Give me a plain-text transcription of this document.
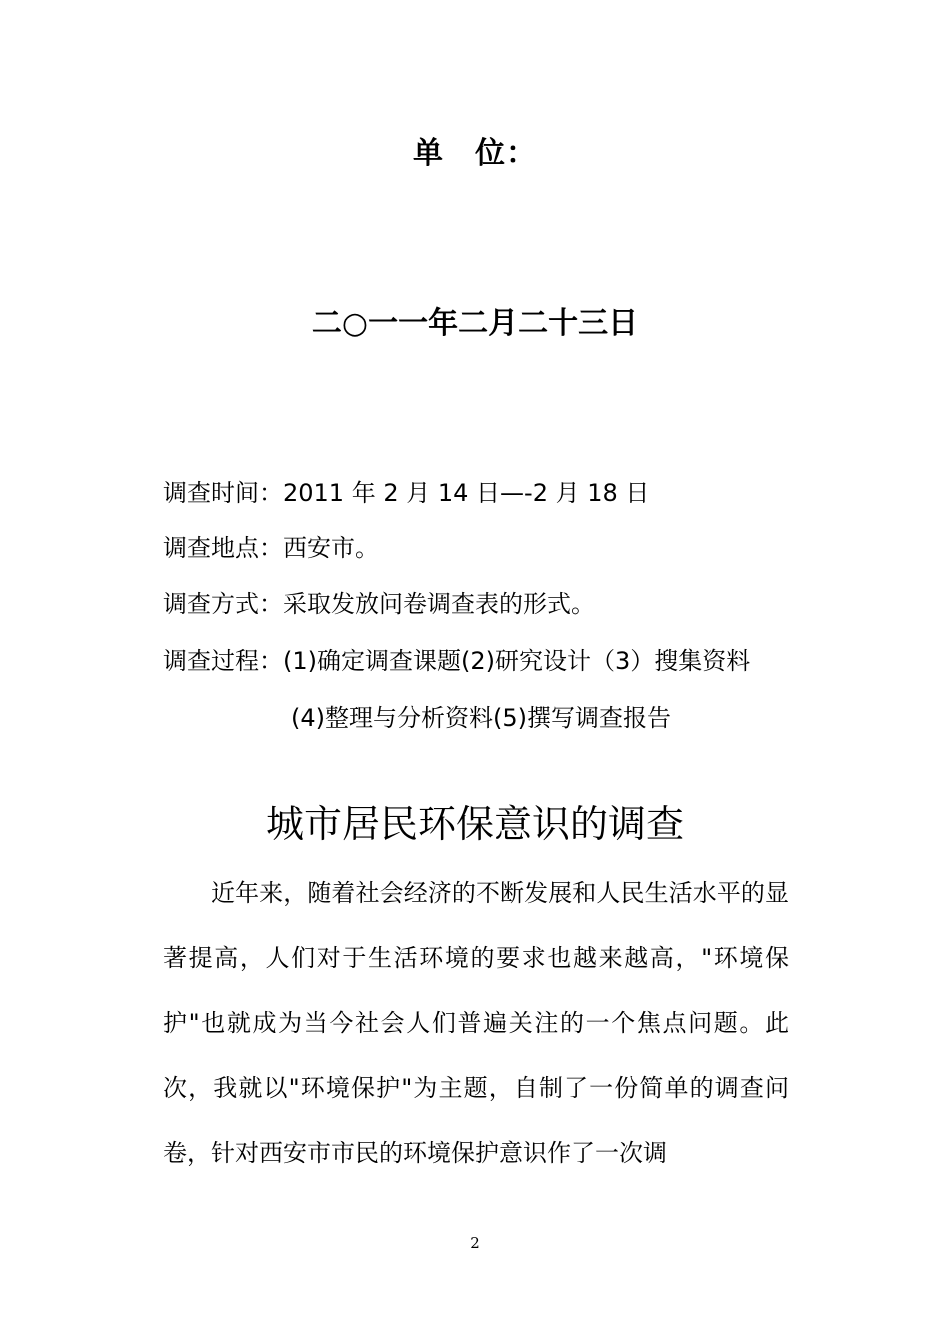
单　位：
二○一一年二月二十三日
调查时间：2011 年 2 月 14 日—-2 月 18 日
调查地点：西安市。
调查方式：采取发放问卷调查表的形式。
调查过程：(1)确定调查课题(2)研究设计（3）搜集资料
(4)整理与分析资料(5)撰写调查报告
城市居民环保意识的调查

近年来，随着社会经济的不断发展和人民生活水平的显著提高，人们对于生活环境的要求也越来越高，"环境保护"也就成为当今社会人们普遍关注的一个焦点问题。此次，我就以"环境保护"为主题，自制了一份简单的调查问卷，针对西安市市民的环境保护意识作了一次调

2
